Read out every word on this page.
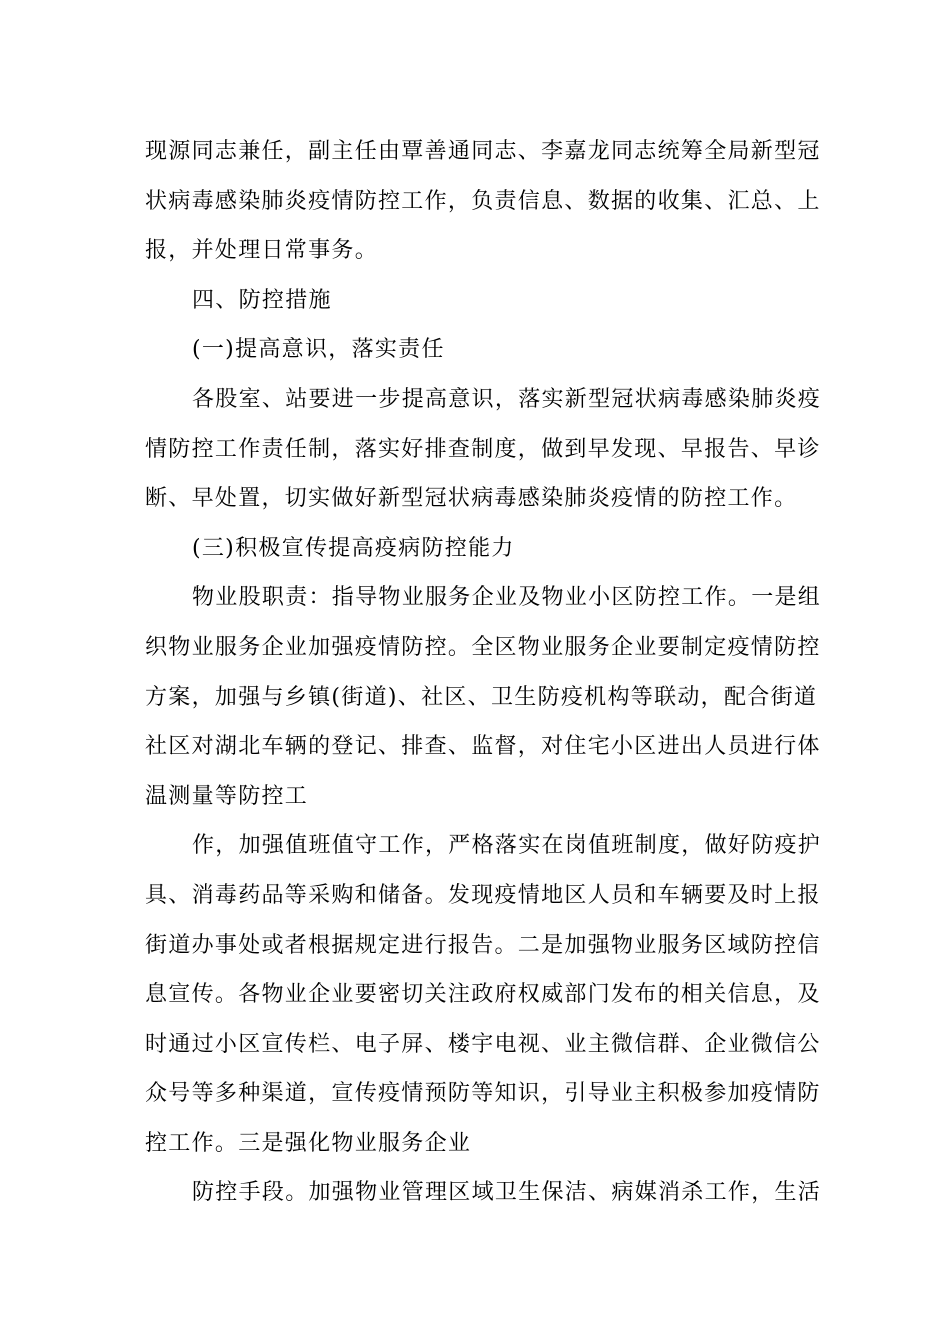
现源同志兼任，副主任由覃善通同志、李嘉龙同志统筹全局新型冠
状病毒感染肺炎疫情防控工作，负责信息、数据的收集、汇总、上
报，并处理日常事务。
四、防控措施
(一)提高意识，落实责任
各股室、站要进一步提高意识，落实新型冠状病毒感染肺炎疫
情防控工作责任制，落实好排查制度，做到早发现、早报告、早诊
断、早处置，切实做好新型冠状病毒感染肺炎疫情的防控工作。
(三)积极宣传提高疫病防控能力
物业股职责：指导物业服务企业及物业小区防控工作。一是组
织物业服务企业加强疫情防控。全区物业服务企业要制定疫情防控
方案，加强与乡镇(街道)、社区、卫生防疫机构等联动，配合街道
社区对湖北车辆的登记、排查、监督，对住宅小区进出人员进行体
温测量等防控工
作，加强值班值守工作，严格落实在岗值班制度，做好防疫护
具、消毒药品等采购和储备。发现疫情地区人员和车辆要及时上报
街道办事处或者根据规定进行报告。二是加强物业服务区域防控信
息宣传。各物业企业要密切关注政府权威部门发布的相关信息，及
时通过小区宣传栏、电子屏、楼宇电视、业主微信群、企业微信公
众号等多种渠道，宣传疫情预防等知识，引导业主积极参加疫情防
控工作。三是强化物业服务企业
防控手段。加强物业管理区域卫生保洁、病媒消杀工作，生活
